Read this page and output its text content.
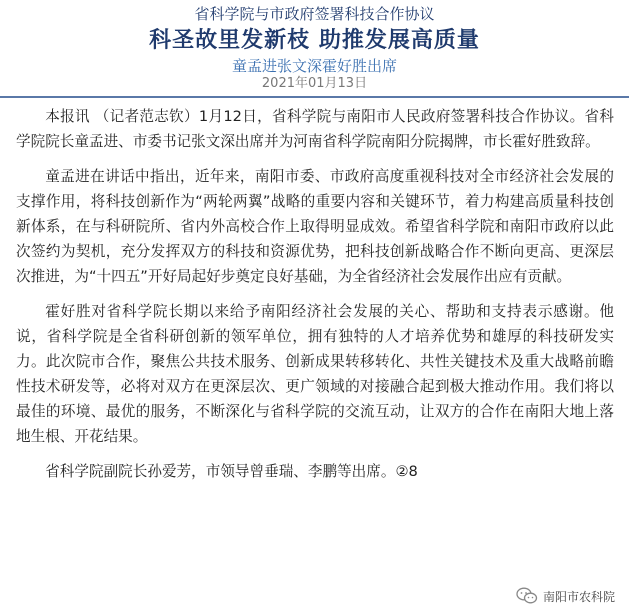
省科学院与市政府签署科技合作协议
科圣故里发新枝 助推发展高质量
童孟进张文深霍好胜出席
2021年01月13日

本报讯 （记者范志钦）1月12日，省科学院与南阳市人民政府签署科技合作协议。省科学院院长童孟进、市委书记张文深出席并为河南省科学院南阳分院揭牌，市长霍好胜致辞。

童孟进在讲话中指出，近年来，南阳市委、市政府高度重视科技对全市经济社会发展的支撑作用，将科技创新作为“两轮两翼”战略的重要内容和关键环节，着力构建高质量科技创新体系，在与科研院所、省内外高校合作上取得明显成效。希望省科学院和南阳市政府以此次签约为契机，充分发挥双方的科技和资源优势，把科技创新战略合作不断向更高、更深层次推进，为“十四五”开好局起好步奠定良好基础，为全省经济社会发展作出应有贡献。

霍好胜对省科学院长期以来给予南阳经济社会发展的关心、帮助和支持表示感谢。他说，省科学院是全省科研创新的领军单位，拥有独特的人才培养优势和雄厚的科技研发实力。此次院市合作，聚焦公共技术服务、创新成果转移转化、共性关键技术及重大战略前瞻性技术研发等，必将对双方在更深层次、更广领域的对接融合起到极大推动作用。我们将以最佳的环境、最优的服务，不断深化与省科学院的交流互动，让双方的合作在南阳大地上落地生根、开花结果。

省科学院副院长孙爱芳，市领导曾垂瑞、李鹏等出席。②8

南阳市农科院
